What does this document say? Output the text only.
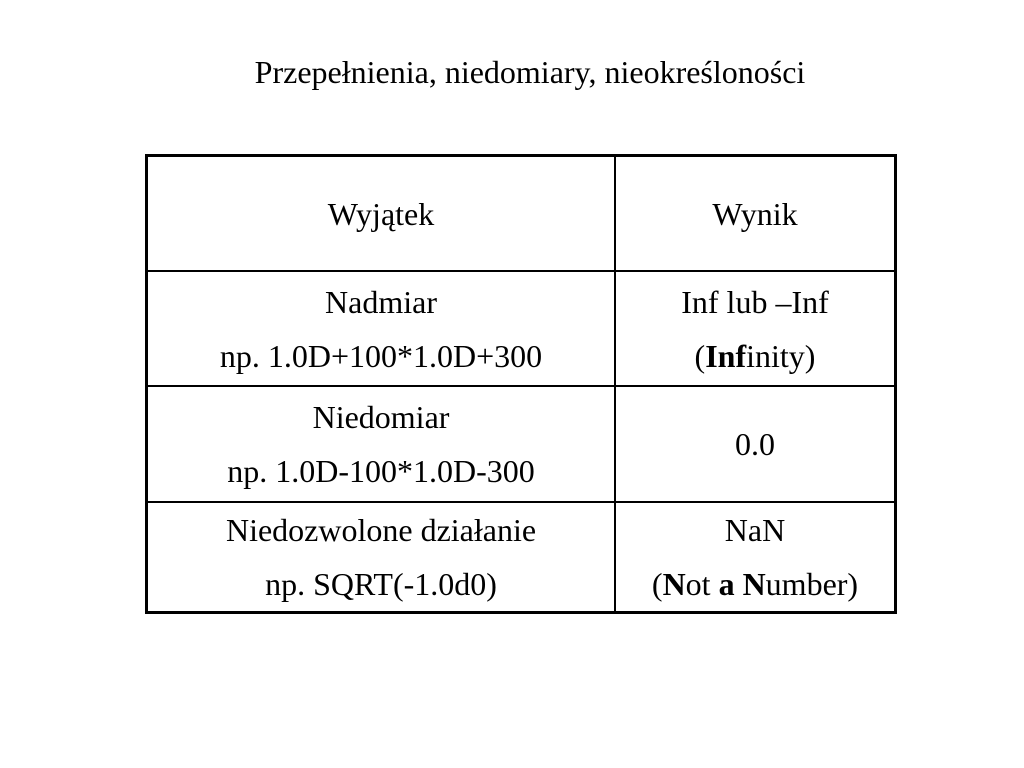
Przepełnienia, niedomiary, nieokreśloności
Wyjątek	Wynik
Nadmiar
np. 1.0D+100*1.0D+300
Inf lub –Inf
(Infinity)
Niedomiar
np. 1.0D-100*1.0D-300
0.0
Niedozwolone działanie
np. SQRT(-1.0d0)
NaN
(Not a Number)
